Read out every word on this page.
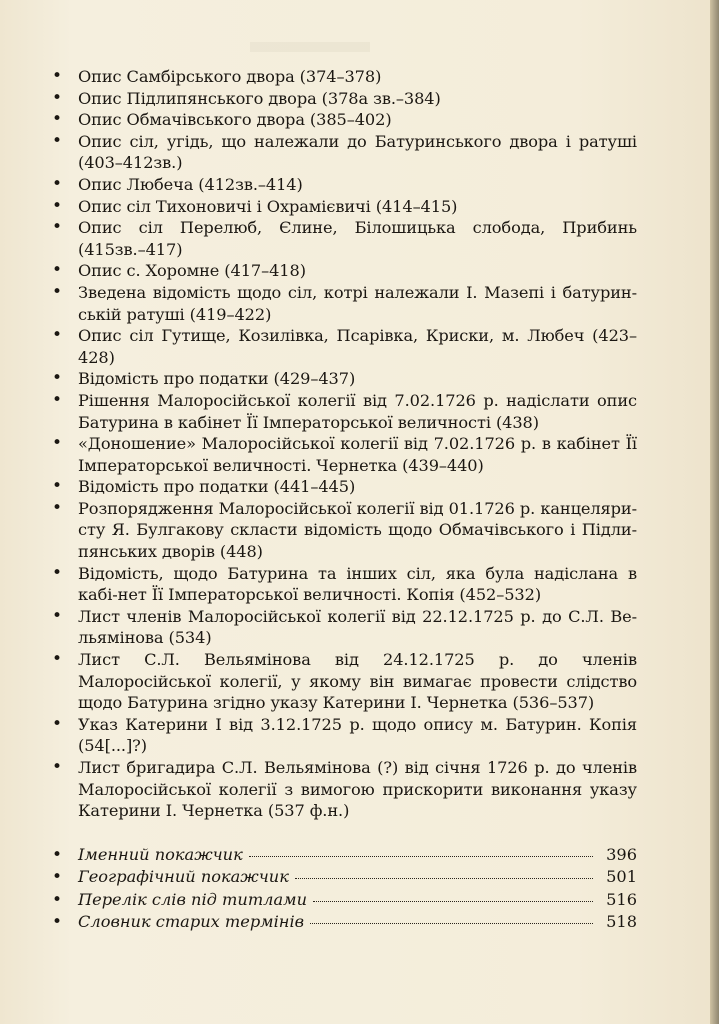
• Опис Самбірського двора (374–378)
• Опис Підлипянського двора (378а зв.–384)
• Опис Обмачівського двора (385–402)
• Опис сіл, угідь, що належали до Батуринського двора і ратуші (403–412зв.)
• Опис Любеча (412зв.–414)
• Опис сіл Тихоновичі і Охрамієвичі (414–415)
• Опис сіл Перелюб, Єлине, Білошицька слобода, Прибинь (415зв.–417)
• Опис с. Хоромне (417–418)
• Зведена відомість щодо сіл, котрі належали І. Мазепі і батурин-ській ратуші (419–422)
• Опис сіл Гутище, Козилівка, Псарівка, Криски, м. Любеч (423–428)
• Відомість про податки (429–437)
• Рішення Малоросійської колегії від 7.02.1726 р. надіслати опис Батурина в кабінет Її Імператорської величності (438)
• «Доношение» Малоросійської колегії від 7.02.1726 р. в кабінет Її Імператорської величності. Чернетка (439–440)
• Відомість про податки (441–445)
• Розпорядження Малоросійської колегії від 01.1726 р. канцеляри-сту Я. Булгакову скласти відомість щодо Обмачівського і Підли-пянських дворів (448)
• Відомість, щодо Батурина та інших сіл, яка була надіслана в кабі-нет Її Імператорської величності. Копія (452–532)
• Лист членів Малоросійської колегії від 22.12.1725 р. до С.Л. Ве-льямінова (534)
• Лист С.Л. Вельямінова від 24.12.1725 р. до членів Малоросійської колегії, у якому він вимагає провести слідство щодо Батурина згідно указу Катерини І. Чернетка (536–537)
• Указ Катерини І від 3.12.1725 р. щодо опису м. Батурин. Копія (54[...]?)
• Лист бригадира С.Л. Вельямінова (?) від січня 1726 р. до членів Малоросійської колегії з вимогою прискорити виконання указу Катерини І. Чернетка (537 ф.н.)
• Іменний покажчик	396
• Географічний покажчик	501
• Перелік слів під титлами	516
• Словник старих термінів	518
